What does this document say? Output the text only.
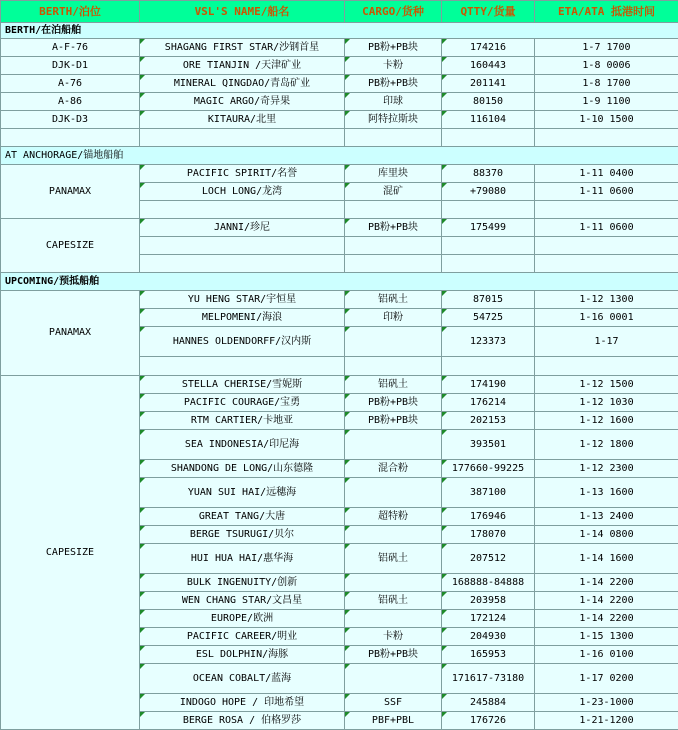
BERTH/泊位	VSL'S NAME/船名	CARGO/货种	QTTY/货量	ETA/ATA 抵港时间
BERTH/在泊船舶				
A-F-76	SHAGANG FIRST STAR/沙钢首星	PB粉+PB块	174216	1-7 1700
DJK-D1	ORE TIANJIN /天津矿业	卡粉	160443	1-8 0006
A-76	MINERAL QINGDAO/青岛矿业	PB粉+PB块	201141	1-8 1700
A-86	MAGIC ARGO/奇异果	印球	80150	1-9 1100
DJK-D3	KITAURA/北里	阿特拉斯块	116104	1-10 1500

AT ANCHORAGE/锚地船舶				
PANAMAX	PACIFIC SPIRIT/名誉	库里块	88370	1-11 0400
	LOCH LONG/龙湾	混矿	+79080	1-11 0600

CAPESIZE	JANNI/珍尼	PB粉+PB块	175499	1-11 0600

UPCOMING/预抵船舶				
PANAMAX	YU HENG STAR/宇恒星	铝矾土	87015	1-12 1300
	MELPOMENI/海浪	印粉	54725	1-16 0001
	HANNES OLDENDORFF/汉内斯		123373	1-17

CAPESIZE	STELLA CHERISE/雪妮斯	铝矾土	174190	1-12 1500
	PACIFIC COURAGE/宝勇	PB粉+PB块	176214	1-12 1030
	RTM CARTIER/卡地亚	PB粉+PB块	202153	1-12 1600
	SEA INDONESIA/印尼海		393501	1-12 1800
	SHANDONG DE LONG/山东德隆	混合粉	177660-99225	1-12 2300
	YUAN SUI HAI/远穗海		387100	1-13 1600
	GREAT TANG/大唐	超特粉	176946	1-13 2400
	BERGE TSURUGI/贝尔		178070	1-14 0800
	HUI HUA HAI/惠华海	铝矾土	207512	1-14 1600
	BULK INGENUITY/创新		168888-84888	1-14 2200
	WEN CHANG STAR/文昌星	铝矾土	203958	1-14 2200
	EUROPE/欧洲		172124	1-14 2200
	PACIFIC CAREER/明业	卡粉	204930	1-15 1300
	ESL DOLPHIN/海豚	PB粉+PB块	165953	1-16 0100
	OCEAN COBALT/蓝海		171617-73180	1-17 0200
	INDOGO HOPE / 印地希望	SSF	245884	1-23-1000
	BERGE ROSA / 伯格罗莎	PBF+PBL	176726	1-21-1200
